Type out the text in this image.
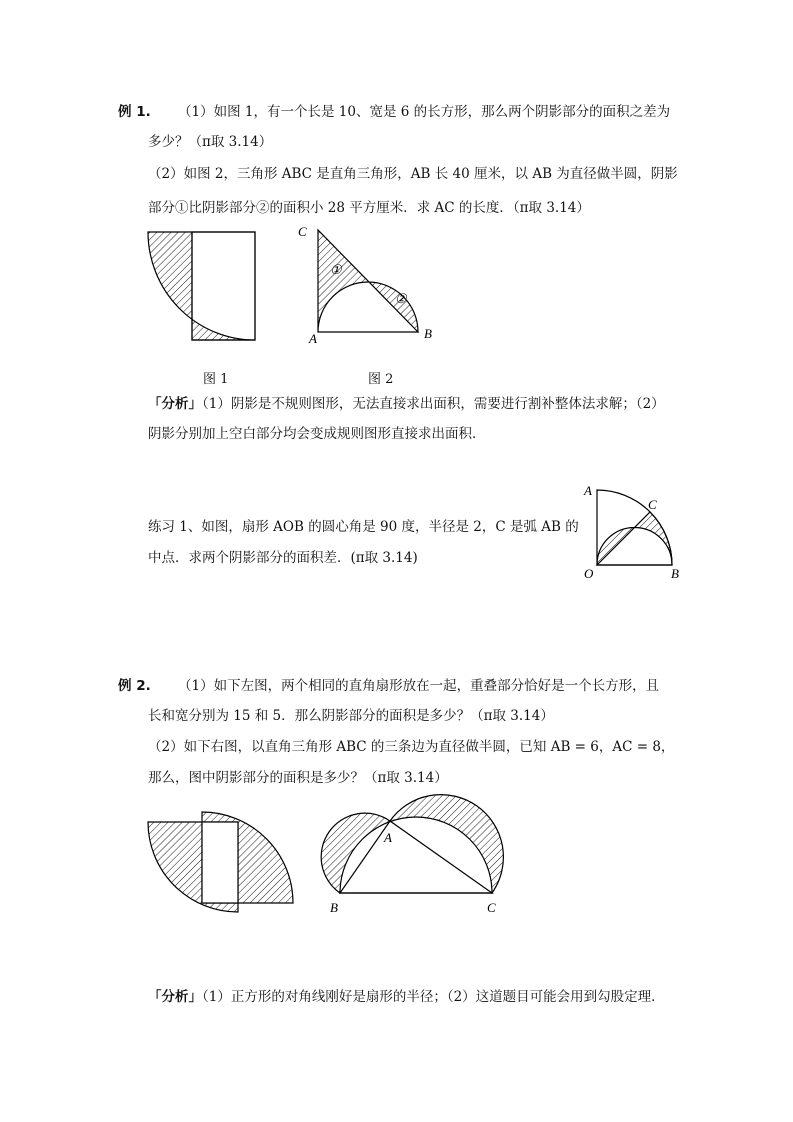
例 1. （1）如图 1，有一个长是 10、宽是 6 的长方形，那么两个阴影部分的面积之差为
多少？（π取 3.14）
（2）如图 2，三角形 ABC 是直角三角形，AB 长 40 厘米，以 AB 为直径做半圆，阴影
部分①比阴影部分②的面积小 28 平方厘米．求 AC 的长度．（π取 3.14）
图 1	图 2
「分析」（1）阴影是不规则图形，无法直接求出面积，需要进行割补整体法求解；（2）
阴影分别加上空白部分均会变成规则图形直接求出面积．
练习 1、如图，扇形 AOB 的圆心角是 90 度，半径是 2，C 是弧 AB 的
中点．求两个阴影部分的面积差．(π取 3.14)
例 2. （1）如下左图，两个相同的直角扇形放在一起，重叠部分恰好是一个长方形，且
长和宽分别为 15 和 5．那么阴影部分的面积是多少？（π取 3.14）
（2）如下右图，以直角三角形 ABC 的三条边为直径做半圆，已知 AB = 6，AC = 8，
那么，图中阴影部分的面积是多少？（π取 3.14）
「分析」（1）正方形的对角线刚好是扇形的半径；（2）这道题目可能会用到勾股定理．
①
②
C
A	B
A
C
O	B
A
B	C
